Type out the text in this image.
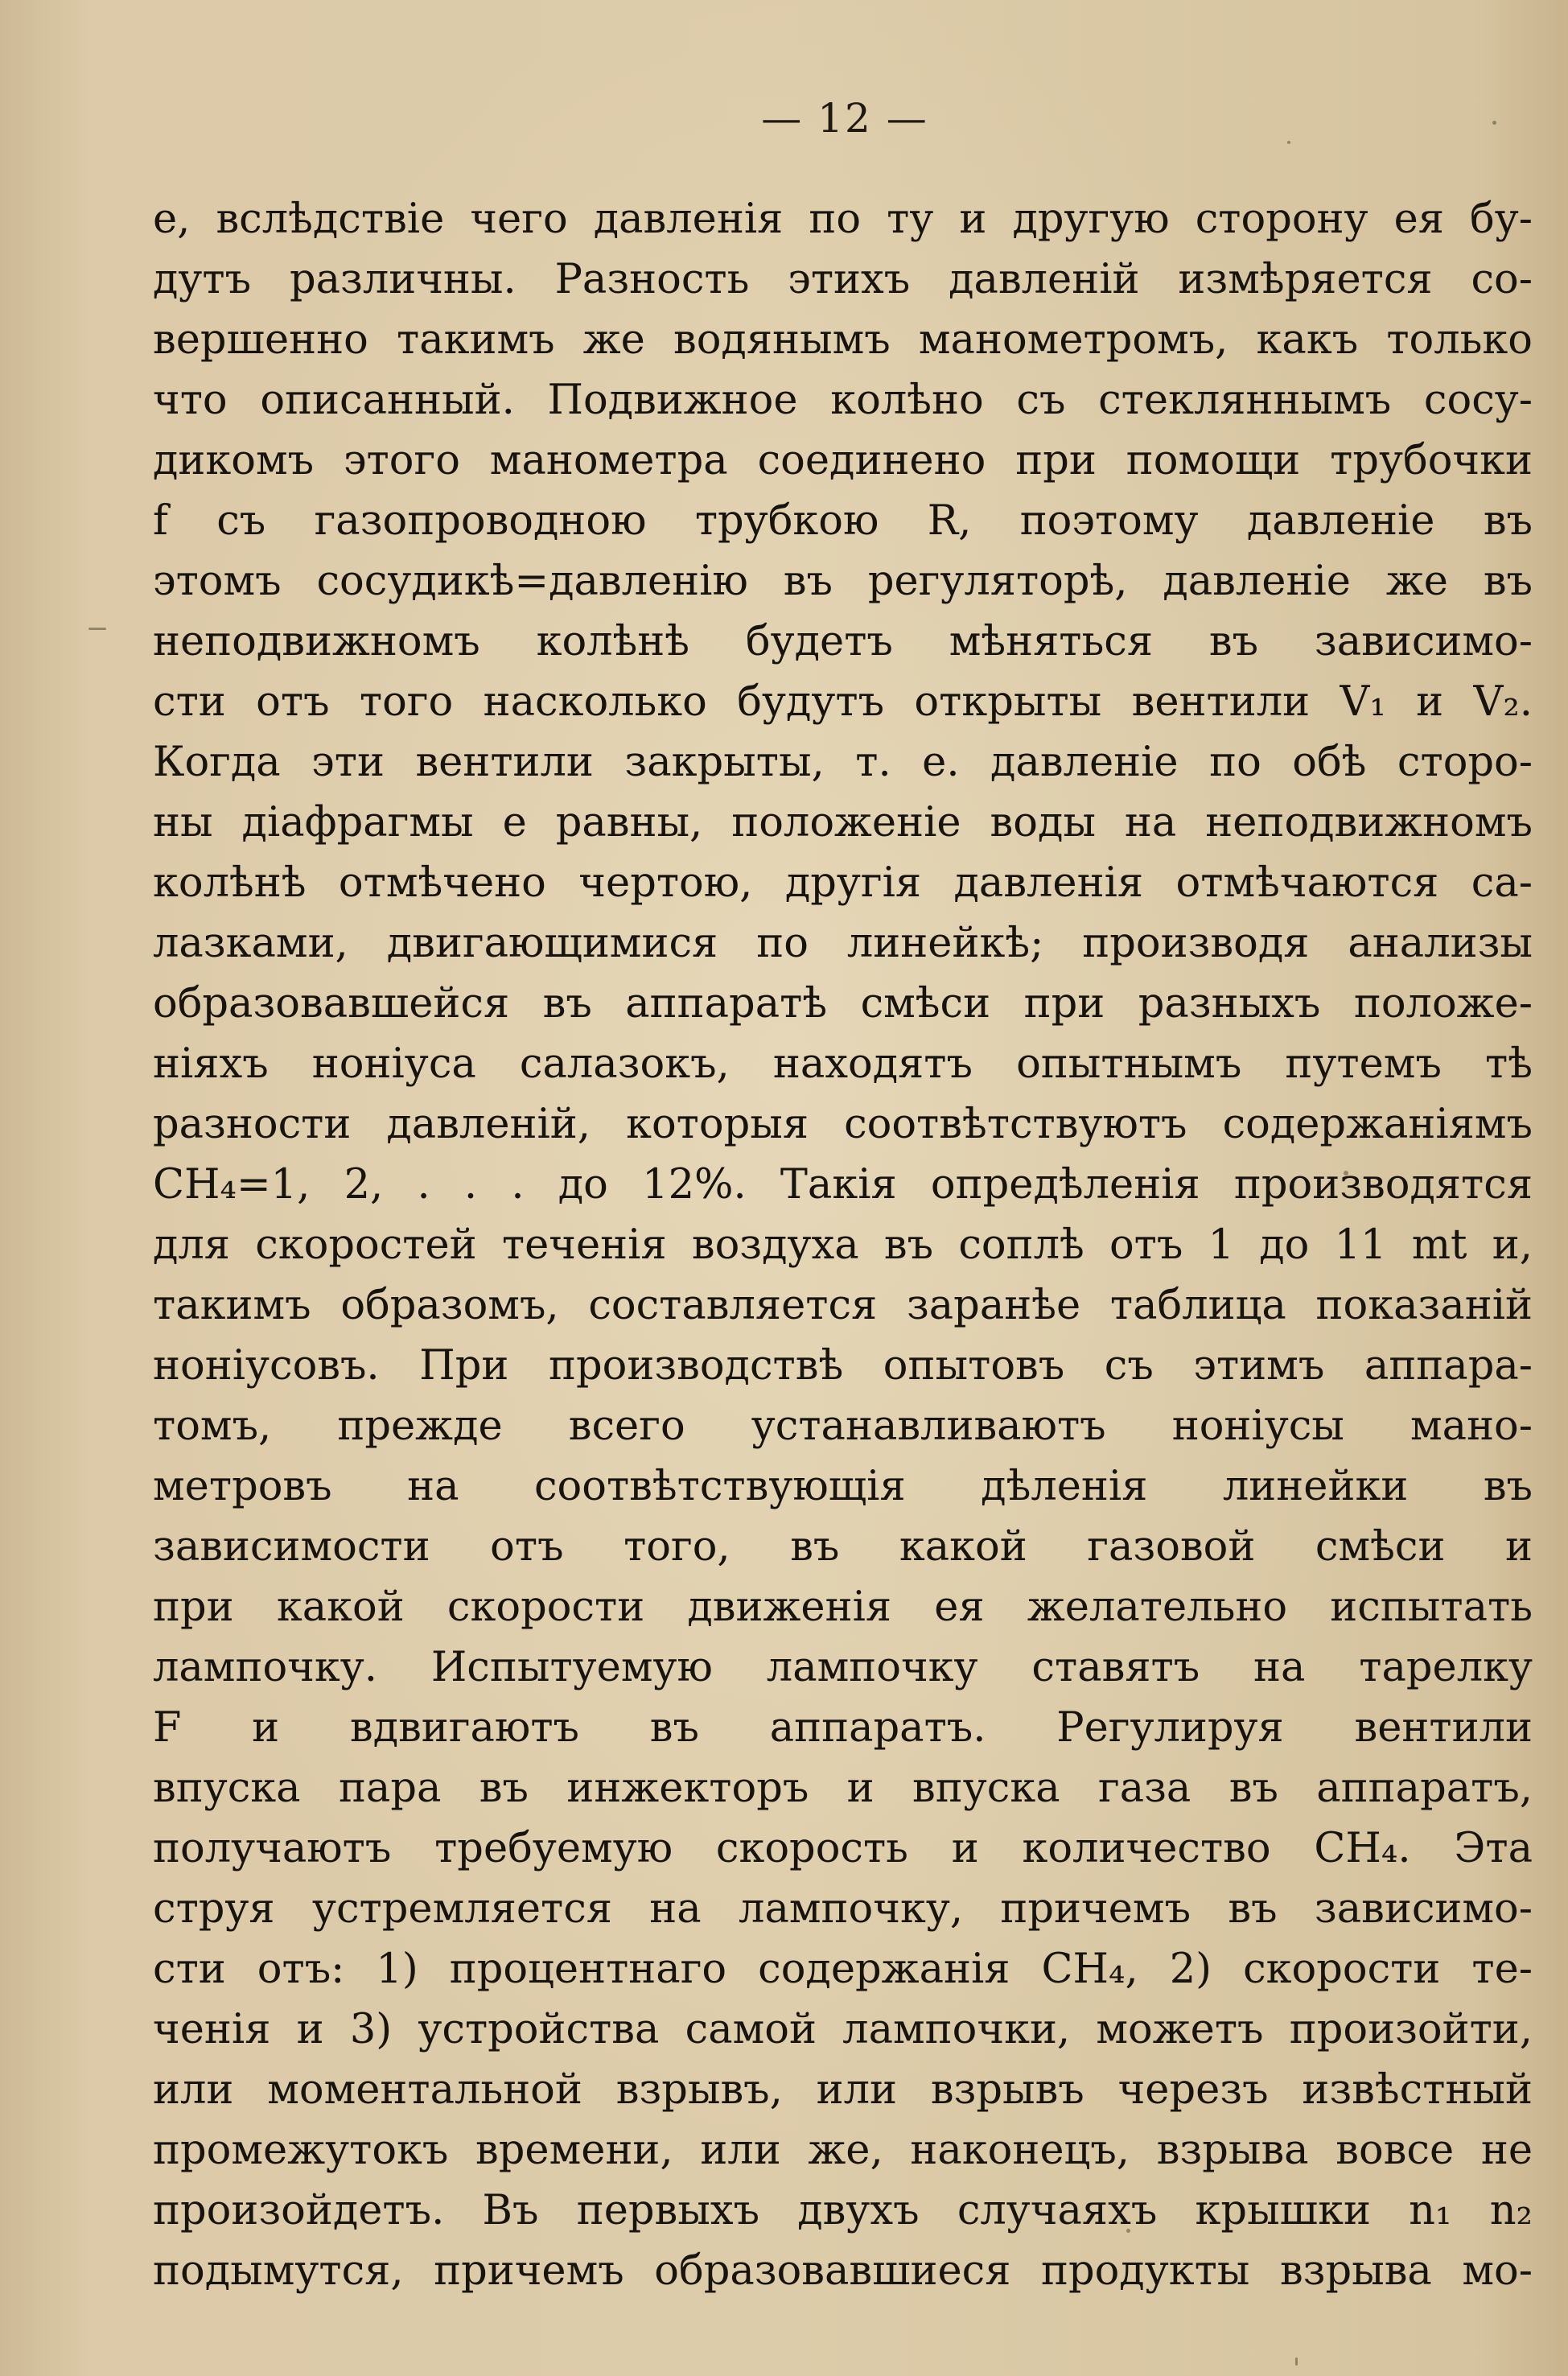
— 12 —
е, вслѣдствіе чего давленія по ту и другую сторону ея бу-
дутъ различны. Разность этихъ давленій измѣряется со-
вершенно такимъ же водянымъ манометромъ, какъ только
что описанный. Подвижное колѣно съ стекляннымъ сосу-
дикомъ этого манометра соединено при помощи трубочки
f съ газопроводною трубкою R, поэтому давленіе въ
этомъ сосудикѣ=давленію въ регуляторѣ, давленіе же въ
неподвижномъ колѣнѣ будетъ мѣняться въ зависимо-
сти отъ того насколько будутъ открыты вентили V₁ и V₂.
Когда эти вентили закрыты, т. е. давленіе по обѣ сторо-
ны діафрагмы e равны, положеніе воды на неподвижномъ
колѣнѣ отмѣчено чертою, другія давленія отмѣчаются са-
лазками, двигающимися по линейкѣ; производя анализы
образовавшейся въ аппаратѣ смѣси при разныхъ положе-
ніяхъ ноніуса салазокъ, находятъ опытнымъ путемъ тѣ
разности давленій, которыя соотвѣтствуютъ содержаніямъ
CH₄=1, 2, . . . до 12%. Такія опредѣленія производятся
для скоростей теченія воздуха въ соплѣ отъ 1 до 11 mt и,
такимъ образомъ, составляется заранѣе таблица показаній
ноніусовъ. При производствѣ опытовъ съ этимъ аппара-
томъ, прежде всего устанавливаютъ ноніусы мано-
метровъ на соотвѣтствующія дѣленія линейки въ
зависимости отъ того, въ какой газовой смѣси и
при какой скорости движенія ея желательно испытать
лампочку. Испытуемую лампочку ставятъ на тарелку
F и вдвигаютъ въ аппаратъ. Регулируя вентили
впуска пара въ инжекторъ и впуска газа въ аппаратъ,
получаютъ требуемую скорость и количество CH₄. Эта
струя устремляется на лампочку, причемъ въ зависимо-
сти отъ: 1) процентнаго содержанія CH₄, 2) скорости те-
ченія и 3) устройства самой лампочки, можетъ произойти,
или моментальной взрывъ, или взрывъ черезъ извѣстный
промежутокъ времени, или же, наконецъ, взрыва вовсе не
произойдетъ. Въ первыхъ двухъ случаяхъ крышки n₁ n₂
подымутся, причемъ образовавшиеся продукты взрыва мо-
